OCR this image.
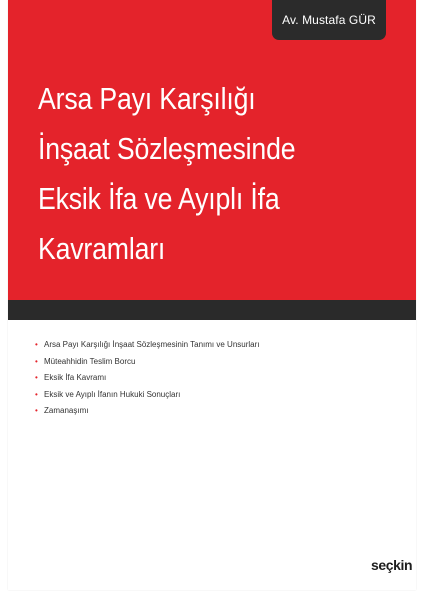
Av. Mustafa GÜR
Arsa Payı Karşılığı
İnşaat Sözleşmesinde
Eksik İfa ve Ayıplı İfa
Kavramları
• Arsa Payı Karşılığı İnşaat Sözleşmesinin Tanımı ve Unsurları
• Müteahhidin Teslim Borcu
• Eksik İfa Kavramı
• Eksik ve Ayıplı İfanın Hukuki Sonuçları
• Zamanaşımı
seçkin
